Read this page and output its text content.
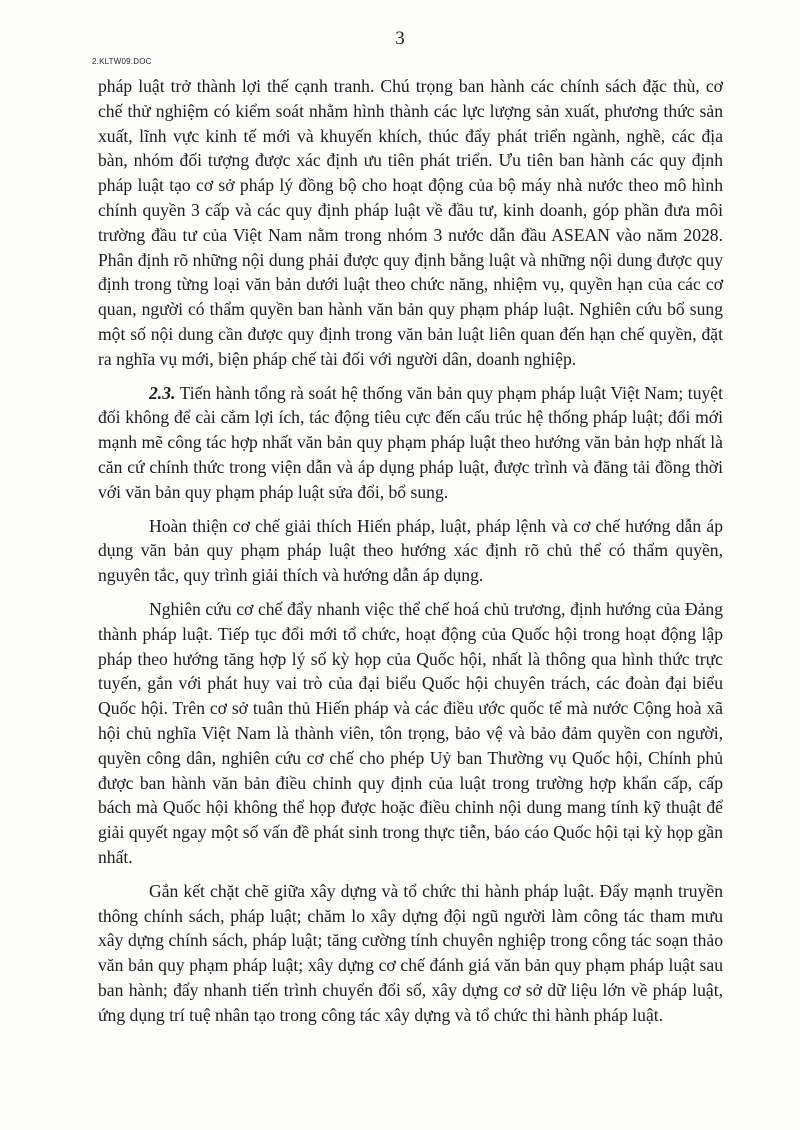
3
2.KLTW09.DOC

pháp luật trở thành lợi thế cạnh tranh. Chú trọng ban hành các chính sách đặc thù, cơ chế thử nghiệm có kiểm soát nhằm hình thành các lực lượng sản xuất, phương thức sản xuất, lĩnh vực kinh tế mới và khuyến khích, thúc đẩy phát triển ngành, nghề, các địa bàn, nhóm đối tượng được xác định ưu tiên phát triển. Ưu tiên ban hành các quy định pháp luật tạo cơ sở pháp lý đồng bộ cho hoạt động của bộ máy nhà nước theo mô hình chính quyền 3 cấp và các quy định pháp luật về đầu tư, kinh doanh, góp phần đưa môi trường đầu tư của Việt Nam nằm trong nhóm 3 nước dẫn đầu ASEAN vào năm 2028. Phân định rõ những nội dung phải được quy định bằng luật và những nội dung được quy định trong từng loại văn bản dưới luật theo chức năng, nhiệm vụ, quyền hạn của các cơ quan, người có thẩm quyền ban hành văn bản quy phạm pháp luật. Nghiên cứu bổ sung một số nội dung cần được quy định trong văn bản luật liên quan đến hạn chế quyền, đặt ra nghĩa vụ mới, biện pháp chế tài đối với người dân, doanh nghiệp.

2.3. Tiến hành tổng rà soát hệ thống văn bản quy phạm pháp luật Việt Nam; tuyệt đối không để cài cắm lợi ích, tác động tiêu cực đến cấu trúc hệ thống pháp luật; đổi mới mạnh mẽ công tác hợp nhất văn bản quy phạm pháp luật theo hướng văn bản hợp nhất là căn cứ chính thức trong viện dẫn và áp dụng pháp luật, được trình và đăng tải đồng thời với văn bản quy phạm pháp luật sửa đổi, bổ sung.

Hoàn thiện cơ chế giải thích Hiến pháp, luật, pháp lệnh và cơ chế hướng dẫn áp dụng văn bản quy phạm pháp luật theo hướng xác định rõ chủ thể có thẩm quyền, nguyên tắc, quy trình giải thích và hướng dẫn áp dụng.

Nghiên cứu cơ chế đẩy nhanh việc thể chế hoá chủ trương, định hướng của Đảng thành pháp luật. Tiếp tục đổi mới tổ chức, hoạt động của Quốc hội trong hoạt động lập pháp theo hướng tăng hợp lý số kỳ họp của Quốc hội, nhất là thông qua hình thức trực tuyến, gắn với phát huy vai trò của đại biểu Quốc hội chuyên trách, các đoàn đại biểu Quốc hội. Trên cơ sở tuân thủ Hiến pháp và các điều ước quốc tế mà nước Cộng hoà xã hội chủ nghĩa Việt Nam là thành viên, tôn trọng, bảo vệ và bảo đảm quyền con người, quyền công dân, nghiên cứu cơ chế cho phép Uỷ ban Thường vụ Quốc hội, Chính phủ được ban hành văn bản điều chỉnh quy định của luật trong trường hợp khẩn cấp, cấp bách mà Quốc hội không thể họp được hoặc điều chỉnh nội dung mang tính kỹ thuật để giải quyết ngay một số vấn đề phát sinh trong thực tiễn, báo cáo Quốc hội tại kỳ họp gần nhất.

Gắn kết chặt chẽ giữa xây dựng và tổ chức thi hành pháp luật. Đẩy mạnh truyền thông chính sách, pháp luật; chăm lo xây dựng đội ngũ người làm công tác tham mưu xây dựng chính sách, pháp luật; tăng cường tính chuyên nghiệp trong công tác soạn thảo văn bản quy phạm pháp luật; xây dựng cơ chế đánh giá văn bản quy phạm pháp luật sau ban hành; đẩy nhanh tiến trình chuyển đổi số, xây dựng cơ sở dữ liệu lớn về pháp luật, ứng dụng trí tuệ nhân tạo trong công tác xây dựng và tổ chức thi hành pháp luật.
